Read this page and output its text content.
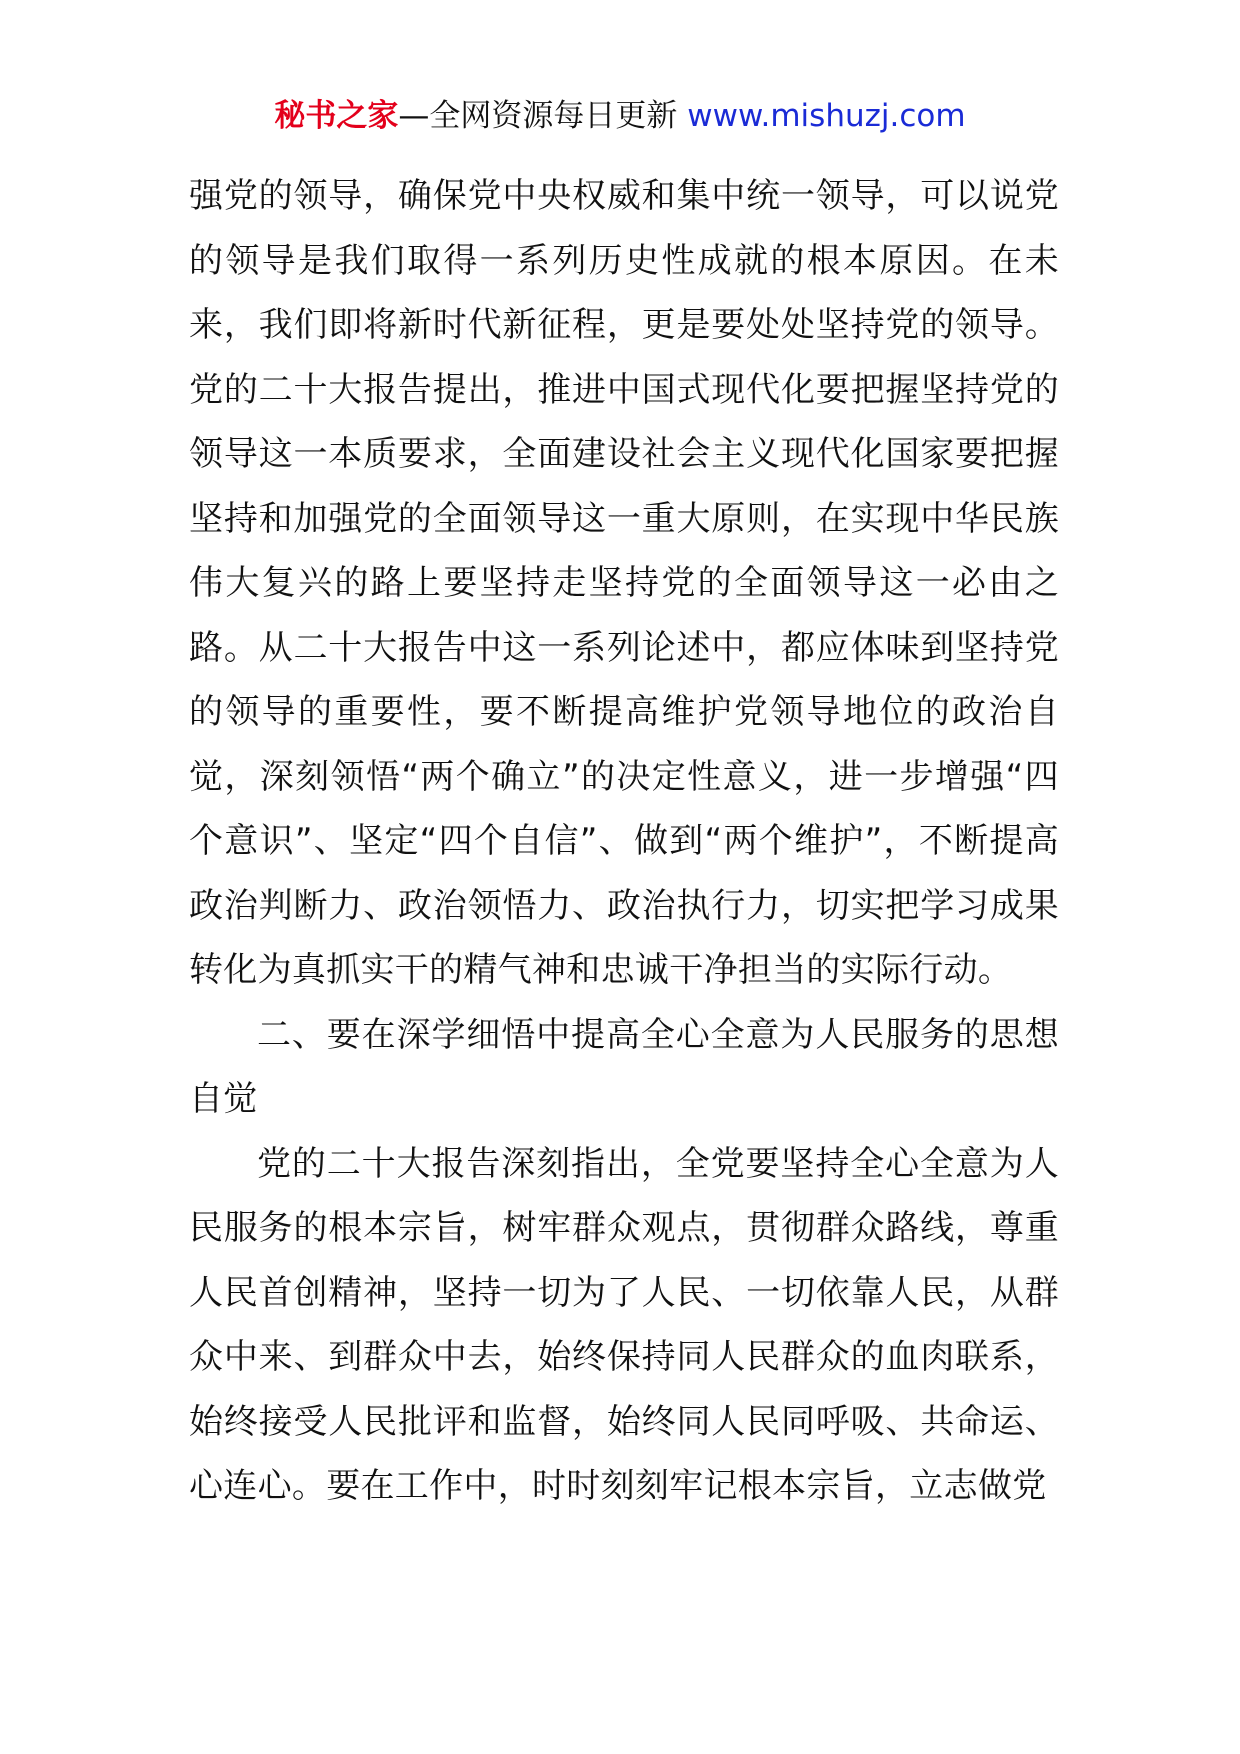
秘书之家—全网资源每日更新 www.mishuzj.com

强党的领导，确保党中央权威和集中统一领导，可以说党的领导是我们取得一系列历史性成就的根本原因。在未来，我们即将新时代新征程，更是要处处坚持党的领导。党的二十大报告提出，推进中国式现代化要把握坚持党的领导这一本质要求，全面建设社会主义现代化国家要把握坚持和加强党的全面领导这一重大原则，在实现中华民族伟大复兴的路上要坚持走坚持党的全面领导这一必由之路。从二十大报告中这一系列论述中，都应体味到坚持党的领导的重要性，要不断提高维护党领导地位的政治自觉，深刻领悟“两个确立”的决定性意义，进一步增强“四个意识”、坚定“四个自信”、做到“两个维护”，不断提高政治判断力、政治领悟力、政治执行力，切实把学习成果转化为真抓实干的精气神和忠诚干净担当的实际行动。

二、要在深学细悟中提高全心全意为人民服务的思想自觉

党的二十大报告深刻指出，全党要坚持全心全意为人民服务的根本宗旨，树牢群众观点，贯彻群众路线，尊重人民首创精神，坚持一切为了人民、一切依靠人民，从群众中来、到群众中去，始终保持同人民群众的血肉联系，始终接受人民批评和监督，始终同人民同呼吸、共命运、心连心。要在工作中，时时刻刻牢记根本宗旨，立志做党
